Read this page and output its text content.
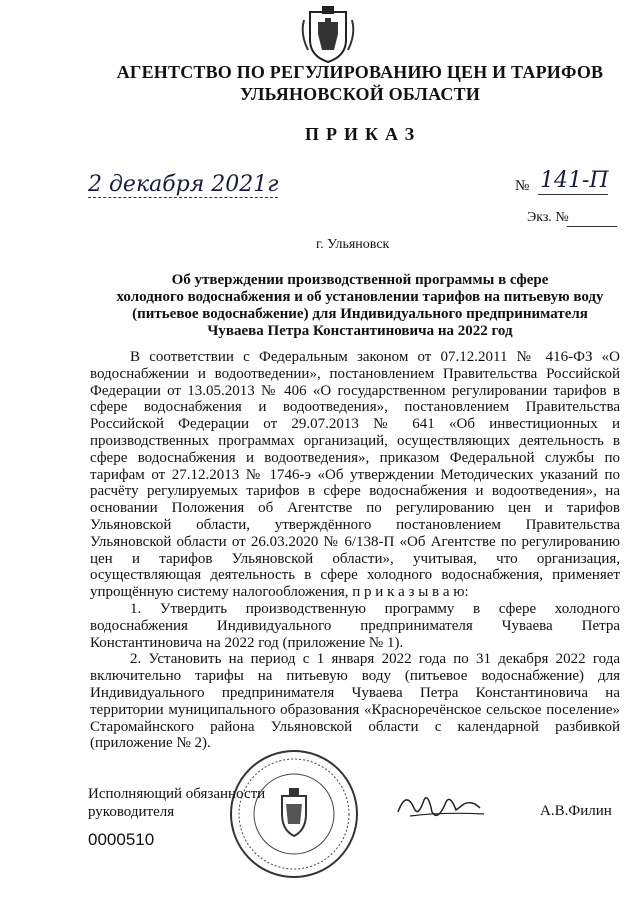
АГЕНТСТВО ПО РЕГУЛИРОВАНИЮ ЦЕН И ТАРИФОВ
УЛЬЯНОВСКОЙ ОБЛАСТИ
ПРИКАЗ
2 декабря 2021г	№ 141-П
Экз. №
г. Ульяновск
Об утверждении производственной программы в сфере
холодного водоснабжения и об установлении тарифов на питьевую воду
(питьевое водоснабжение) для Индивидуального предпринимателя
Чуваева Петра Константиновича на 2022 год

В соответствии с Федеральным законом от 07.12.2011 № 416-ФЗ «О водоснабжении и водоотведении», постановлением Правительства Российской Федерации от 13.05.2013 № 406 «О государственном регулировании тарифов в сфере водоснабжения и водоотведения», постановлением Правительства Российской Федерации от 29.07.2013 № 641 «Об инвестиционных и производственных программах организаций, осуществляющих деятельность в сфере водоснабжения и водоотведения», приказом Федеральной службы по тарифам от 27.12.2013 № 1746-э «Об утверждении Методических указаний по расчёту регулируемых тарифов в сфере водоснабжения и водоотведения», на основании Положения об Агентстве по регулированию цен и тарифов Ульяновской области, утверждённого постановлением Правительства Ульяновской области от 26.03.2020 № 6/138-П «Об Агентстве по регулированию цен и тарифов Ульяновской области», учитывая, что организация, осуществляющая деятельность в сфере холодного водоснабжения, применяет упрощённую систему налогообложения, п р и к а з ы в а ю:

1. Утвердить производственную программу в сфере холодного водоснабжения Индивидуального предпринимателя Чуваева Петра Константиновича на 2022 год (приложение № 1).

2. Установить на период с 1 января 2022 года по 31 декабря 2022 года включительно тарифы на питьевую воду (питьевое водоснабжение) для Индивидуального предпринимателя Чуваева Петра Константиновича на территории муниципального образования «Красноречёнское сельское поселение» Старомайнского района Ульяновской области с календарной разбивкой (приложение № 2).

Исполняющий обязанности
руководителя	А.В.Филин
0000510
